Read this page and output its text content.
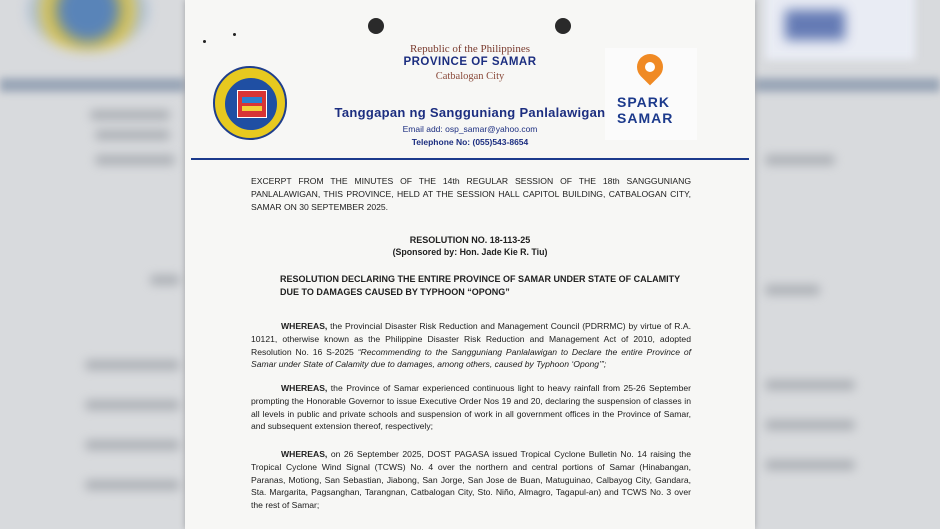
Republic of the Philippines
PROVINCE OF SAMAR
Catbalogan City
Tanggapan ng Sangguniang Panlalawigan
Email add: osp_samar@yahoo.com
Telephone No: (055)543-8654
SPARK
SAMAR
EXCERPT FROM THE MINUTES OF THE 14th REGULAR SESSION OF THE 18th SANGGUNIANG PANLALAWIGAN, THIS PROVINCE, HELD AT THE SESSION HALL CAPITOL BUILDING, CATBALOGAN CITY, SAMAR ON 30 SEPTEMBER 2025.
RESOLUTION NO. 18-113-25
(Sponsored by: Hon. Jade Kie R. Tiu)
RESOLUTION DECLARING THE ENTIRE PROVINCE OF SAMAR UNDER STATE OF CALAMITY
DUE TO DAMAGES CAUSED BY TYPHOON “OPONG”
WHEREAS, the Provincial Disaster Risk Reduction and Management Council (PDRRMC) by virtue of R.A. 10121, otherwise known as the Philippine Disaster Risk Reduction and Management Act of 2010, adopted Resolution No. 16 S-2025 “Recommending to the Sangguniang Panlalawigan to Declare the entire Province of Samar under State of Calamity due to damages, among others, caused by Typhoon ‘Opong’”;
WHEREAS, the Province of Samar experienced continuous light to heavy rainfall from 25-26 September prompting the Honorable Governor to issue Executive Order Nos 19 and 20, declaring the suspension of classes in all levels in public and private schools and suspension of work in all government offices in the Province of Samar, and subsequent extension thereof, respectively;
WHEREAS, on 26 September 2025, DOST PAGASA issued Tropical Cyclone Bulletin No. 14 raising the Tropical Cyclone Wind Signal (TCWS) No. 4 over the northern and central portions of Samar (Hinabangan, Paranas, Motiong, San Sebastian, Jiabong, San Jorge, San Jose de Buan, Matuguinao, Calbayog City, Gandara, Sta. Margarita, Pagsanghan, Tarangnan, Catbalogan City, Sto. Niño, Almagro, Tagapul-an) and TCWS No. 3 over the rest of Samar;
